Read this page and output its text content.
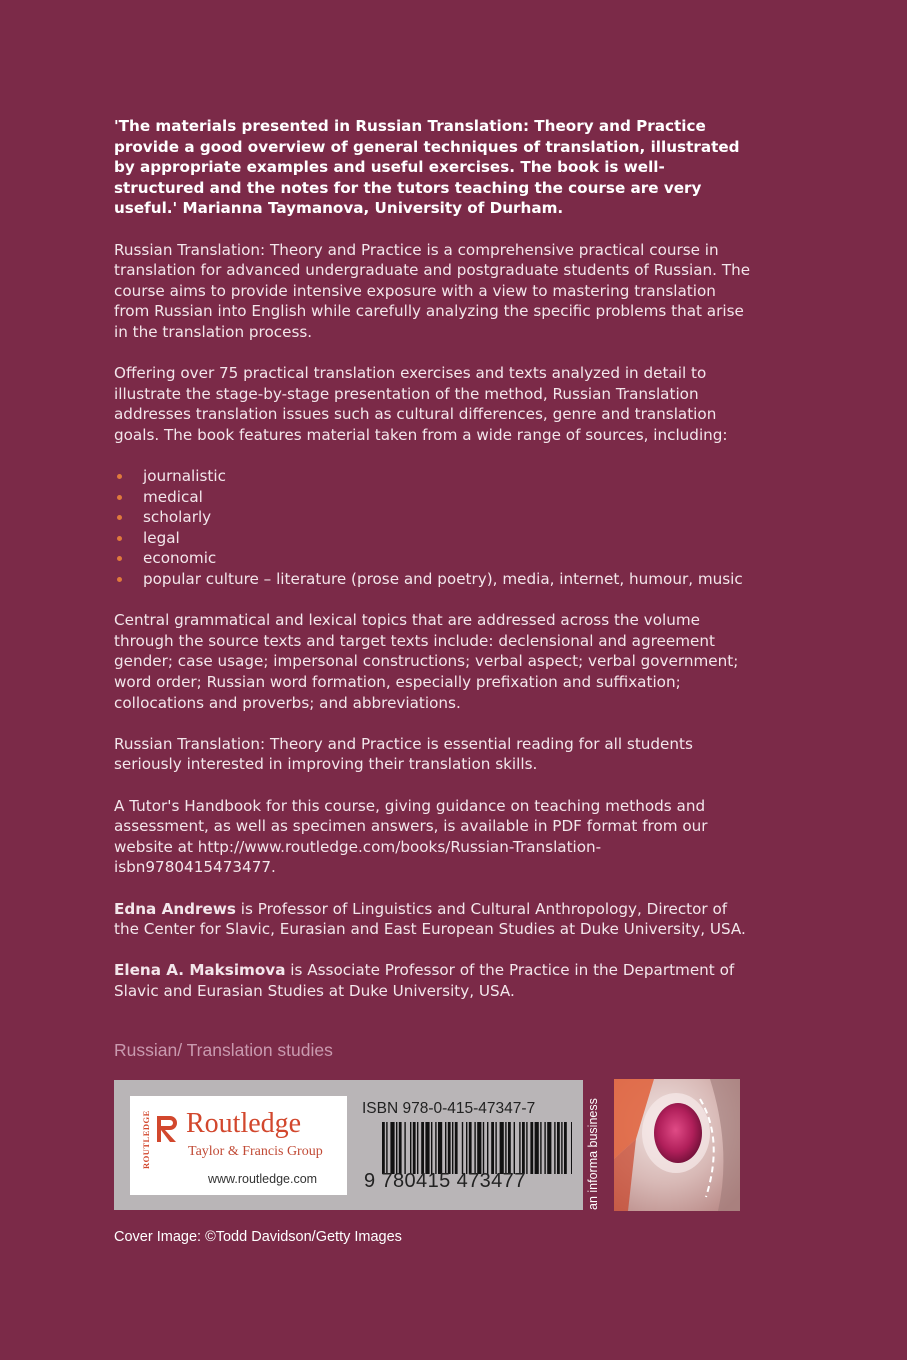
'The materials presented in Russian Translation: Theory and Practice provide a good overview of general techniques of translation, illustrated by appropriate examples and useful exercises. The book is well-structured and the notes for the tutors teaching the course are very useful.' Marianna Taymanova, University of Durham.

Russian Translation: Theory and Practice is a comprehensive practical course in translation for advanced undergraduate and postgraduate students of Russian. The course aims to provide intensive exposure with a view to mastering translation from Russian into English while carefully analyzing the specific problems that arise in the translation process.

Offering over 75 practical translation exercises and texts analyzed in detail to illustrate the stage-by-stage presentation of the method, Russian Translation addresses translation issues such as cultural differences, genre and translation goals. The book features material taken from a wide range of sources, including:

journalistic
medical
scholarly
legal
economic
popular culture – literature (prose and poetry), media, internet, humour, music

Central grammatical and lexical topics that are addressed across the volume through the source texts and target texts include: declensional and agreement gender; case usage; impersonal constructions; verbal aspect; verbal government; word order; Russian word formation, especially prefixation and suffixation; collocations and proverbs; and abbreviations.

Russian Translation: Theory and Practice is essential reading for all students seriously interested in improving their translation skills.

A Tutor's Handbook for this course, giving guidance on teaching methods and assessment, as well as specimen answers, is available in PDF format from our website at http://www.routledge.com/books/Russian-Translation-isbn9780415473477.

Edna Andrews is Professor of Linguistics and Cultural Anthropology, Director of the Center for Slavic, Eurasian and East European Studies at Duke University, USA.

Elena A. Maksimova is Associate Professor of the Practice in the Department of Slavic and Eurasian Studies at Duke University, USA.

Russian/ Translation studies
ROUTLEDGE Routledge
Taylor & Francis Group
www.routledge.com
ISBN 978-0-415-47347-7
9 780415 473477	an informa business
Cover Image: ©Todd Davidson/Getty Images
